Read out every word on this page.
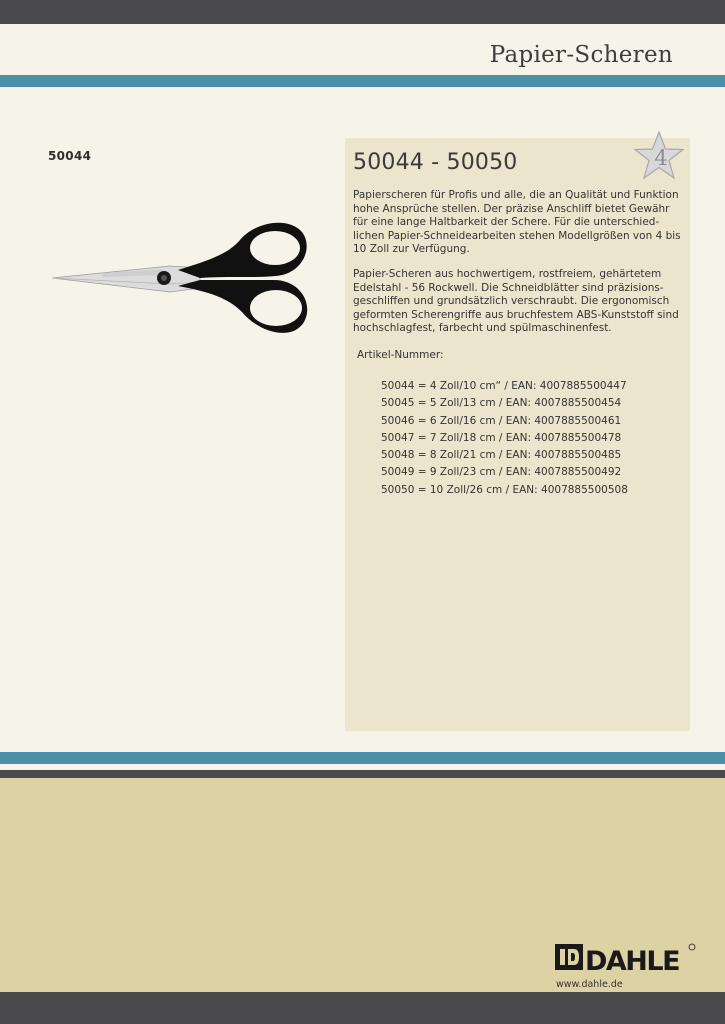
Papier-Scheren
50044	50044 - 50050	4

Papierscheren für Profis und alle, die an Qualität und Funktion hohe Ansprüche stellen. Der präzise Anschliff bietet Gewähr für eine lange Haltbarkeit der Schere. Für die unterschied- lichen Papier-Schneidearbeiten stehen Modellgrößen von 4 bis 10 Zoll zur Verfügung.

Papier-Scheren aus hochwertigem, rostfreiem, gehärtetem Edelstahl - 56 Rockwell. Die Schneidblätter sind präzisions- geschliffen und grundsätzlich verschraubt. Die ergonomisch geformten Scherengriffe aus bruchfestem ABS-Kunststoff sind hochschlagfest, farbecht und spülmaschinenfest.

Artikel-Nummer:
50044 = 4 Zoll/10 cm“ / EAN: 4007885500447
50045 = 5 Zoll/13 cm / EAN: 4007885500454
50046 = 6 Zoll/16 cm / EAN: 4007885500461
50047 = 7 Zoll/18 cm / EAN: 4007885500478
50048 = 8 Zoll/21 cm / EAN: 4007885500485
50049 = 9 Zoll/23 cm / EAN: 4007885500492
50050 = 10 Zoll/26 cm / EAN: 4007885500508
DAHLE
www.dahle.de
